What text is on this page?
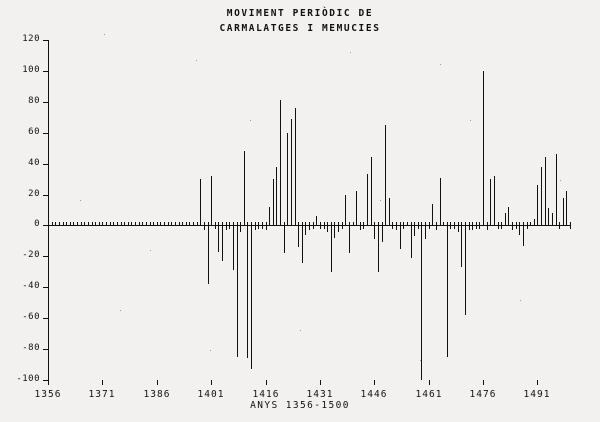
MOVIMENT PERIÒDIC DE
CARMALATGES I MEMUCIES
ANYS 1356-1500
-100
-80
-60
-40
-20
0
20
40
60
80
100
120
1356	1371	1386	1401	1416	1431	1446	1461	1476	1491
